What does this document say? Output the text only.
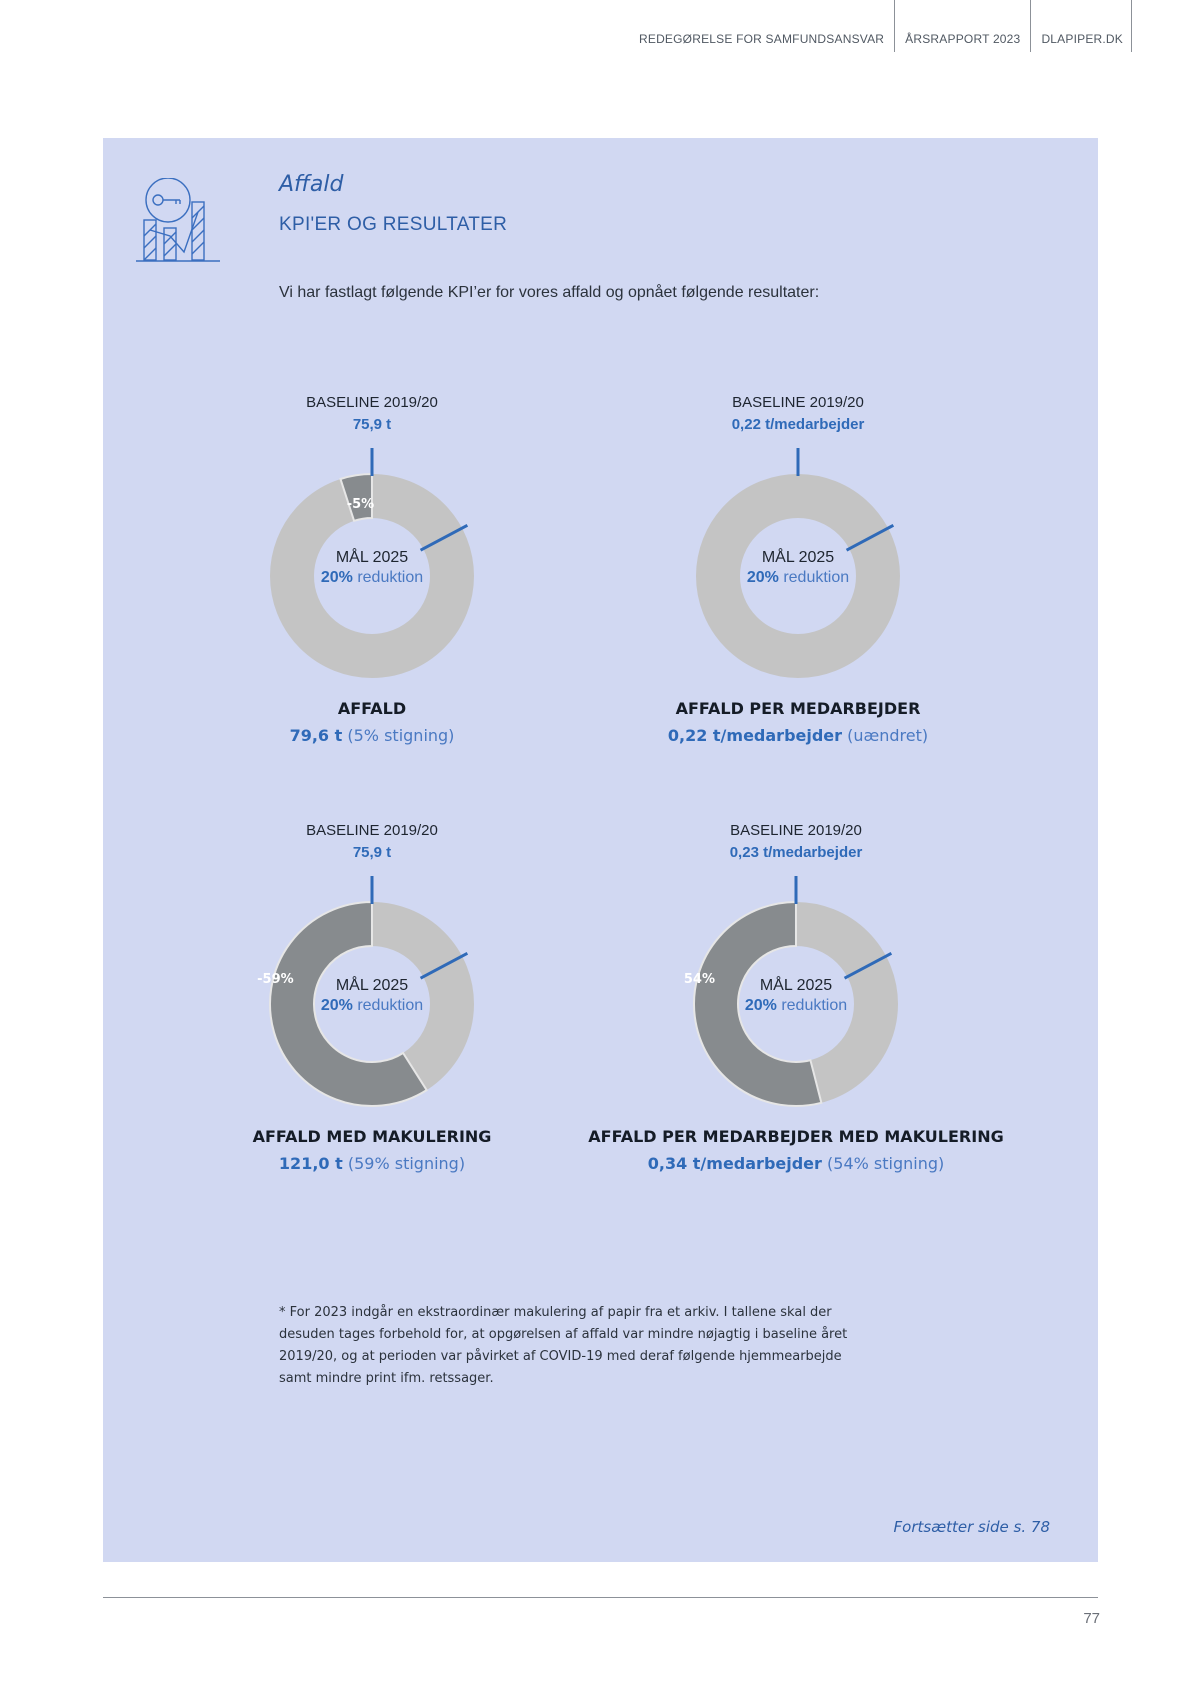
REDEGØRELSE FOR SAMFUNDSANSVAR	ÅRSRAPPORT 2023	DLAPIPER.DK
Affald
KPI'ER OG RESULTATER
Vi har fastlagt følgende KPI’er for vores affald og opnået følgende resultater:
BASELINE 2019/20
75,9 t
-5%
MÅL 2025
20% reduktion
AFFALD
79,6 t (5% stigning)
BASELINE 2019/20
0,22 t/medarbejder
MÅL 2025
20% reduktion
AFFALD PER MEDARBEJDER
0,22 t/medarbejder (uændret)
BASELINE 2019/20
75,9 t
-59%	MÅL 2025
20% reduktion
AFFALD MED MAKULERING
121,0 t (59% stigning)
BASELINE 2019/20
0,23 t/medarbejder
54%	MÅL 2025
20% reduktion
AFFALD PER MEDARBEJDER MED MAKULERING
0,34 t/medarbejder (54% stigning)
* For 2023 indgår en ekstraordinær makulering af papir fra et arkiv. I tallene skal der desuden tages forbehold for, at opgørelsen af affald var mindre nøjagtig i baseline året 2019/20, og at perioden var påvirket af COVID-19 med deraf følgende hjemmearbejde samt mindre print ifm. retssager.
Fortsætter side s. 78
77
